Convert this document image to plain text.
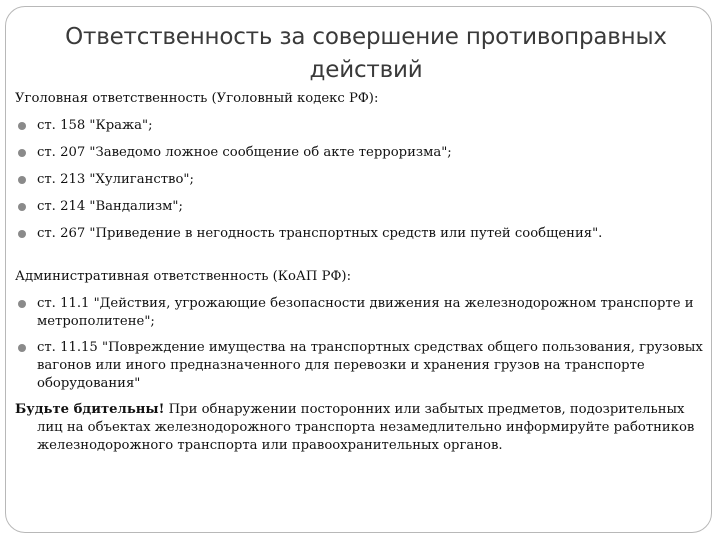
Ответственность за совершение противоправных действий

Уголовная ответственность (Уголовный кодекс РФ):

ст. 158 "Кража";
ст. 207 "Заведомо ложное сообщение об акте терроризма";
ст. 213 "Хулиганство";
ст. 214 "Вандализм";
ст. 267 "Приведение в негодность транспортных средств или путей сообщения".

Административная ответственность (КоАП РФ):

ст. 11.1 "Действия, угрожающие безопасности движения на железнодорожном транспорте и метрополитене";
ст. 11.15 "Повреждение имущества на транспортных средствах общего пользования, грузовых вагонов или иного предназначенного для перевозки и хранения грузов на транспорте оборудования"

Будьте бдительны! При обнаружении посторонних или забытых предметов, подозрительных лиц на объектах железнодорожного транспорта незамедлительно информируйте работников железнодорожного транспорта или правоохранительных органов.
